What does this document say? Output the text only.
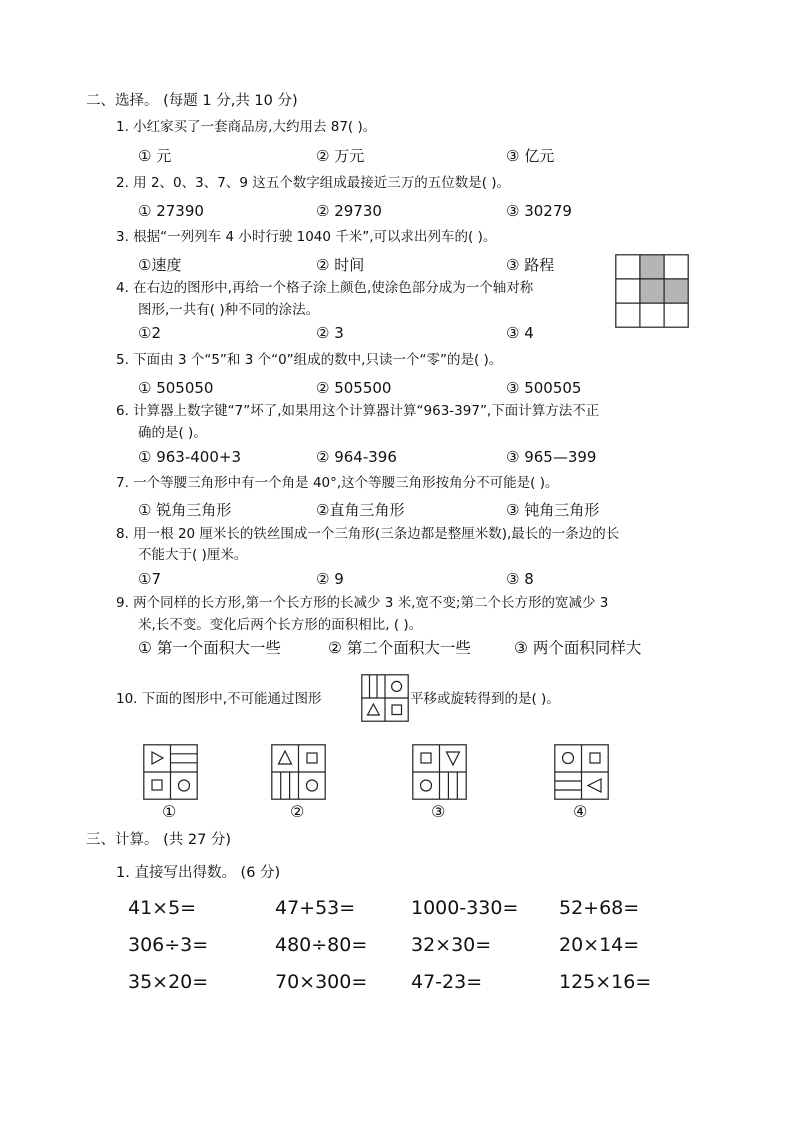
二、选择。 (每题 1 分,共 10 分)
1. 小红家买了一套商品房,大约用去 87( )。
① 元	② 万元	③ 亿元
2. 用 2、0、3、7、9 这五个数字组成最接近三万的五位数是( )。
① 27390	② 29730	③ 30279
3. 根据“一列列车 4 小时行驶 1040 千米”,可以求出列车的( )。
①速度	② 时间	③ 路程
4. 在右边的图形中,再给一个格子涂上颜色,使涂色部分成为一个轴对称
图形,一共有( )种不同的涂法。
①2	② 3	③ 4
5. 下面由 3 个“5”和 3 个“0”组成的数中,只读一个“零”的是( )。
① 505050	② 505500	③ 500505
6. 计算器上数字键“7”坏了,如果用这个计算器计算“963-397”,下面计算方法不正
确的是( )。
① 963-400+3	② 964-396	③ 965—399
7. 一个等腰三角形中有一个角是 40°,这个等腰三角形按角分不可能是( )。
① 锐角三角形	②直角三角形	③ 钝角三角形
8. 用一根 20 厘米长的铁丝围成一个三角形(三条边都是整厘米数),最长的一条边的长
不能大于( )厘米。
①7	② 9	③ 8
9. 两个同样的长方形,第一个长方形的长减少 3 米,宽不变;第二个长方形的宽减少 3
米,长不变。变化后两个长方形的面积相比, ( )。
① 第一个面积大一些	② 第二个面积大一些	③ 两个面积同样大
10. 下面的图形中,不可能通过图形	平移或旋转得到的是( )。
①	②	③	④
三、计算。 (共 27 分)
1. 直接写出得数。 (6 分)
41×5=	47+53=	1000-330= 52+68=
306÷3=	480÷80= 32×30=	20×14=
35×20=	70×300= 47-23=	125×16=
